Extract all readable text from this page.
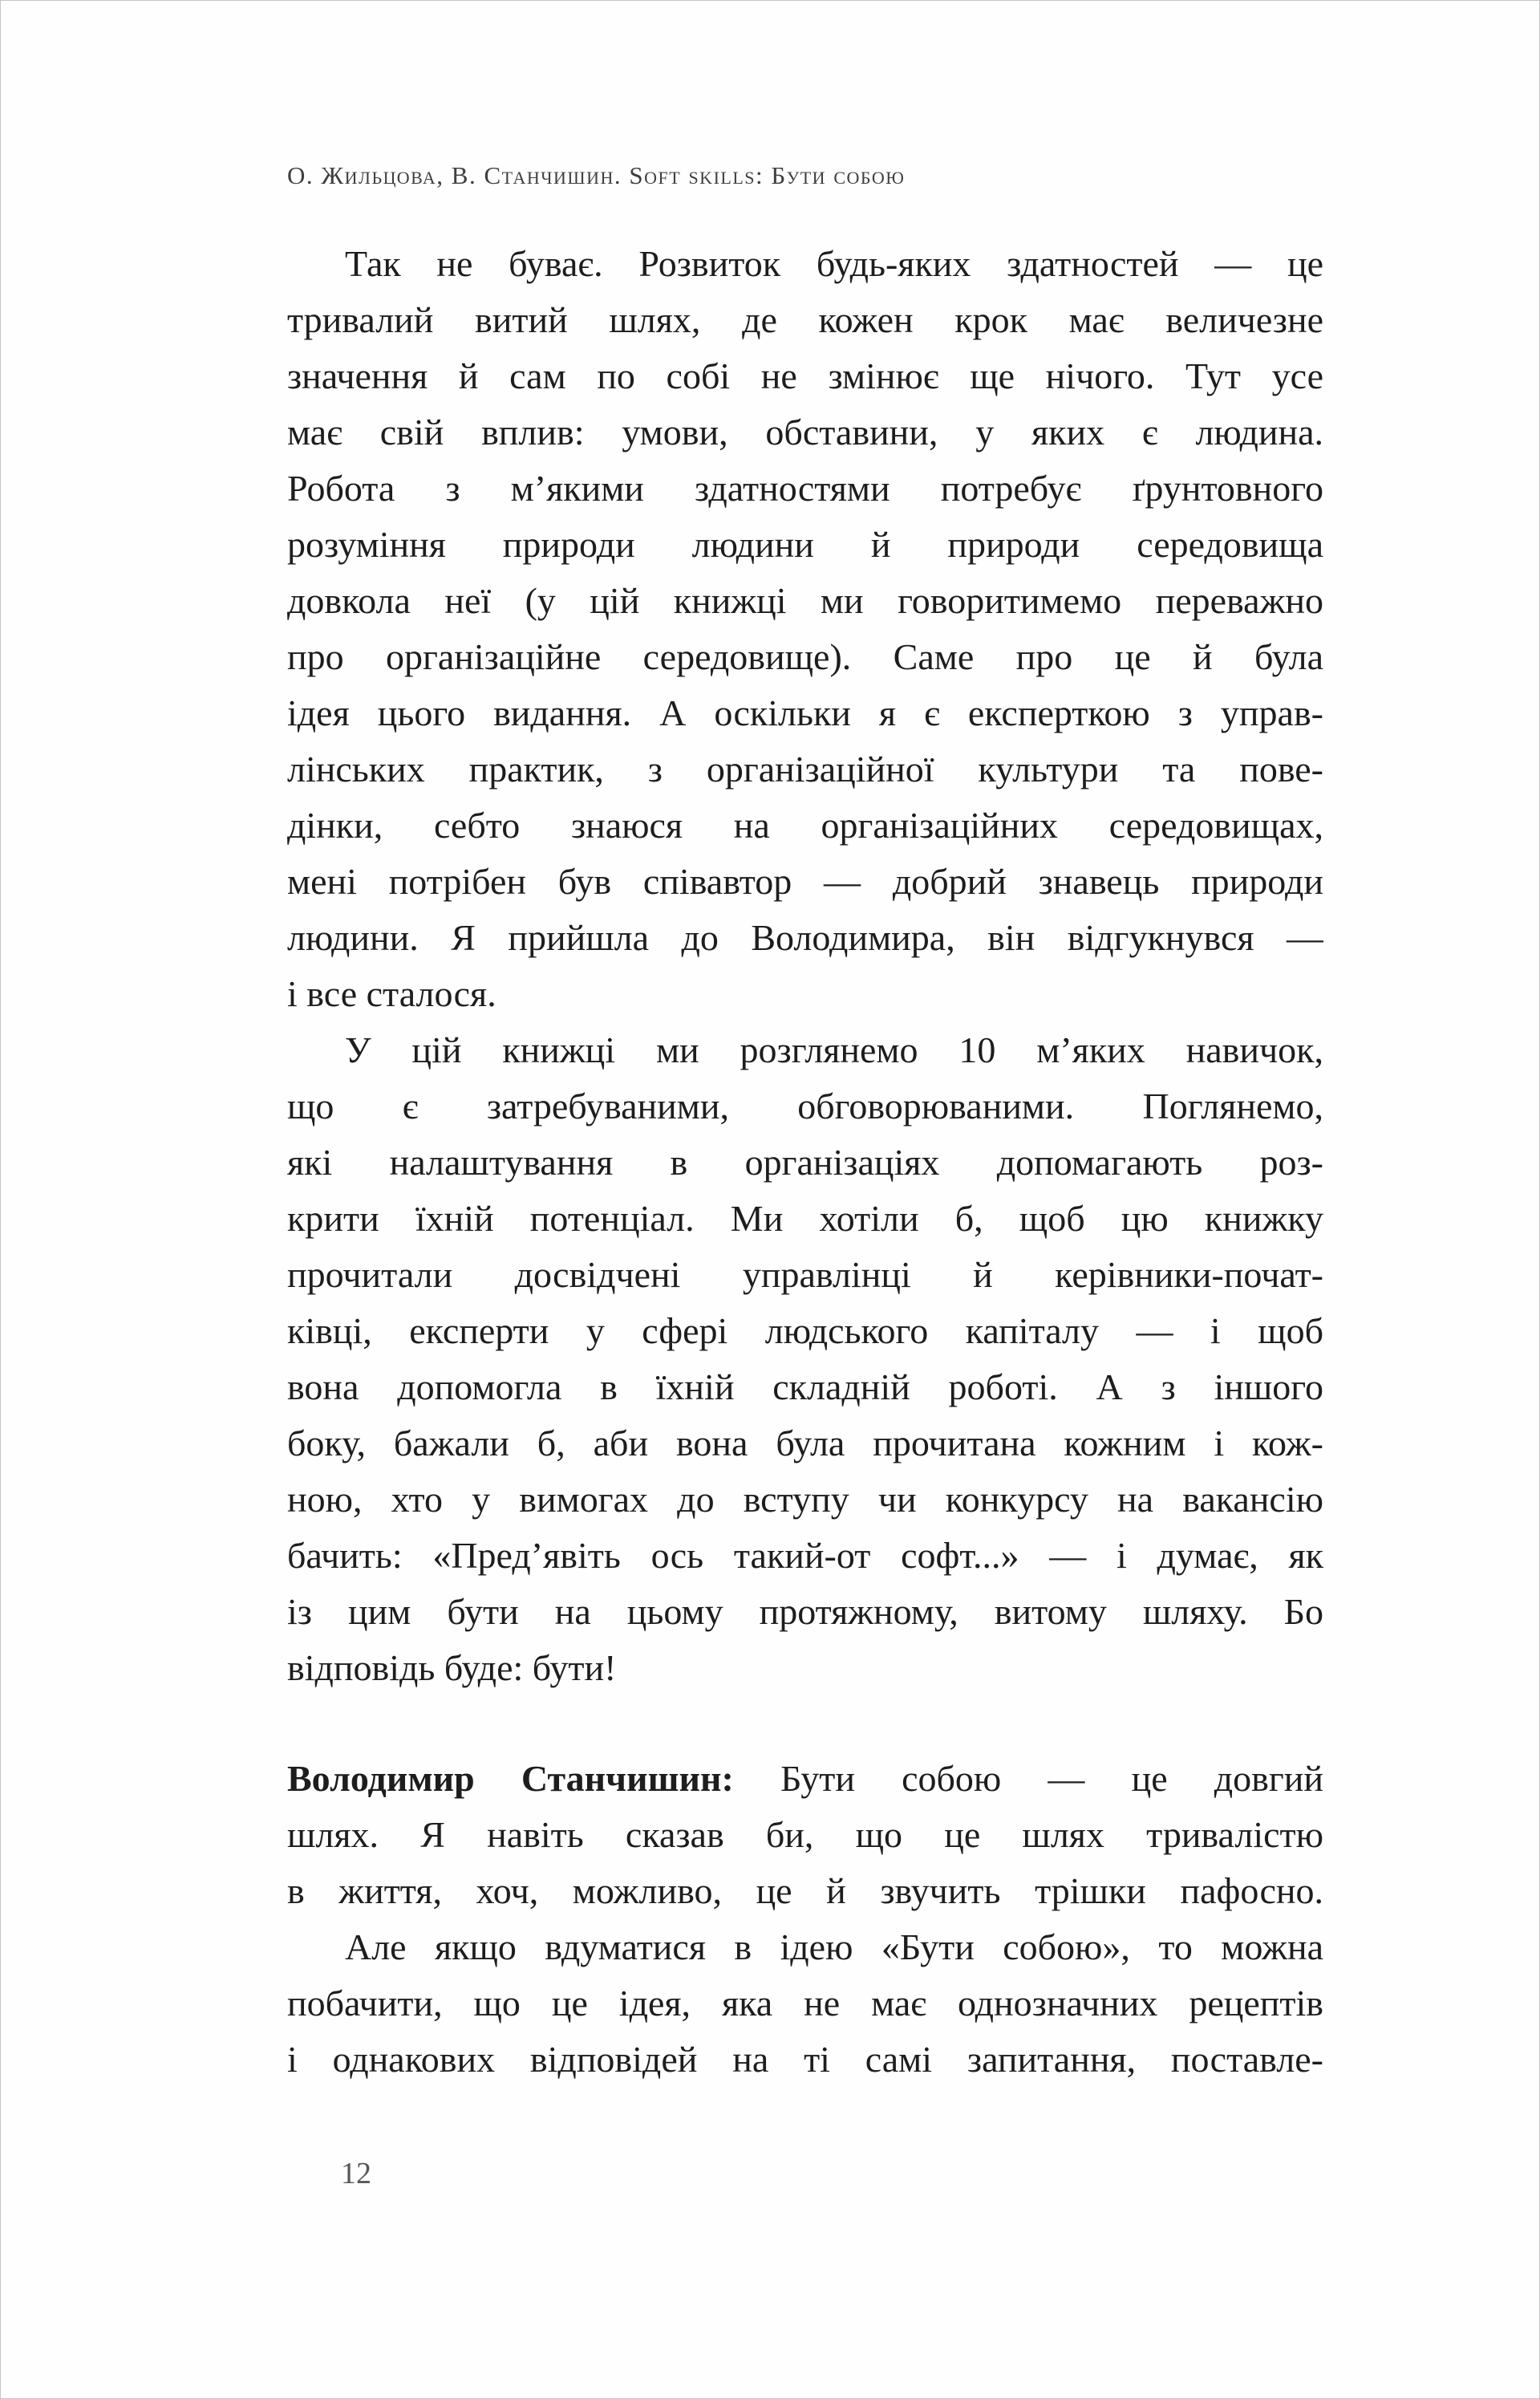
О. Жильцова, В. Станчишин. Soft skills: Бути собою
Так не буває. Розвиток будь-яких здатностей — це
тривалий витий шлях, де кожен крок має величезне
значення й сам по собі не змінює ще нічого. Тут усе
має свій вплив: умови, обставини, у яких є людина.
Робота з м’якими здатностями потребує ґрунтовного
розуміння природи людини й природи середовища
довкола неї (у цій книжці ми говоритимемо переважно
про організаційне середовище). Саме про це й була
ідея цього видання. А оскільки я є експерткою з управ-
лінських практик, з організаційної культури та пове-
дінки, себто знаюся на організаційних середовищах,
мені потрібен був співавтор — добрий знавець природи
людини. Я прийшла до Володимира, він відгукнувся —
і все сталося.
У цій книжці ми розглянемо 10 м’яких навичок,
що є затребуваними, обговорюваними. Поглянемо,
які налаштування в організаціях допомагають роз-
крити їхній потенціал. Ми хотіли б, щоб цю книжку
прочитали досвідчені управлінці й керівники-почат-
ківці, експерти у сфері людського капіталу — і щоб
вона допомогла в їхній складній роботі. А з іншого
боку, бажали б, аби вона була прочитана кожним і кож-
ною, хто у вимогах до вступу чи конкурсу на вакансію
бачить: «Пред’явіть ось такий-от софт...» — і думає, як
із цим бути на цьому протяжному, витому шляху. Бо
відповідь буде: бути!
Володимир Станчишин: Бути собою — це довгий
шлях. Я навіть сказав би, що це шлях тривалістю
в життя, хоч, можливо, це й звучить трішки пафосно.
Але якщо вдуматися в ідею «Бути собою», то можна
побачити, що це ідея, яка не має однозначних рецептів
і однакових відповідей на ті самі запитання, поставле-
12
